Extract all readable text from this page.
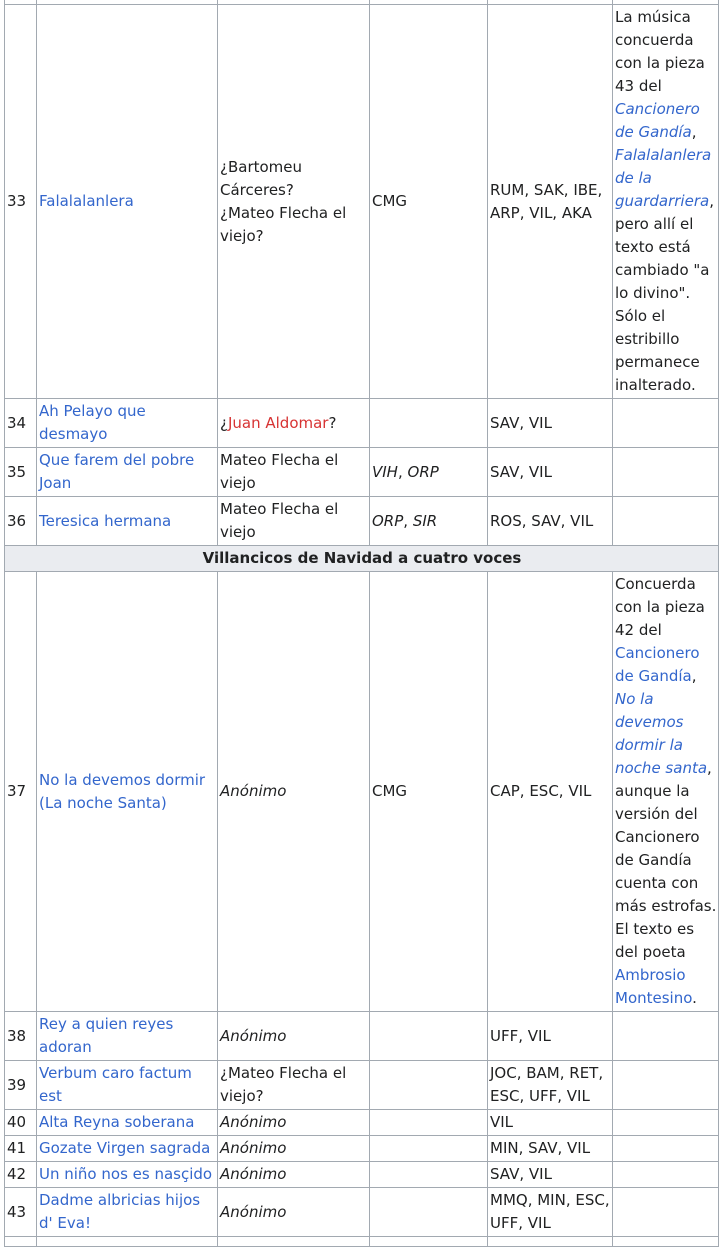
33	Falalalanlera	¿Bartomeu Cárceres?
¿Mateo Flecha el viejo?	CMG	RUM, SAK, IBE, ARP, VIL, AKA	La música concuerda con la pieza 43 del Cancionero de Gandía, Falalalanlera de la guardarriera, pero allí el texto está cambiado "a lo divino". Sólo el estribillo permanece inalterado.
34	Ah Pelayo que desmayo	¿Juan Aldomar?		SAV, VIL	
35	Que farem del pobre Joan	Mateo Flecha el viejo	VIH, ORP	SAV, VIL	
36	Teresica hermana	Mateo Flecha el viejo	ORP, SIR	ROS, SAV, VIL	
Villancicos de Navidad a cuatro voces					
37	No la devemos dormir (La noche Santa)	Anónimo	CMG	CAP, ESC, VIL	Concuerda con la pieza 42 del Cancionero de Gandía, No la devemos dormir la noche santa, aunque la versión del Cancionero de Gandía cuenta con más estrofas. El texto es del poeta Ambrosio Montesino.
38	Rey a quien reyes adoran	Anónimo		UFF, VIL	
39	Verbum caro factum est	¿Mateo Flecha el viejo?		JOC, BAM, RET, ESC, UFF, VIL	
40	Alta Reyna soberana	Anónimo		VIL	
41	Gozate Virgen sagrada	Anónimo		MIN, SAV, VIL	
42	Un niño nos es nasçido	Anónimo		SAV, VIL	
43	Dadme albricias hijos d' Eva!	Anónimo		MMQ, MIN, ESC, UFF, VIL	
